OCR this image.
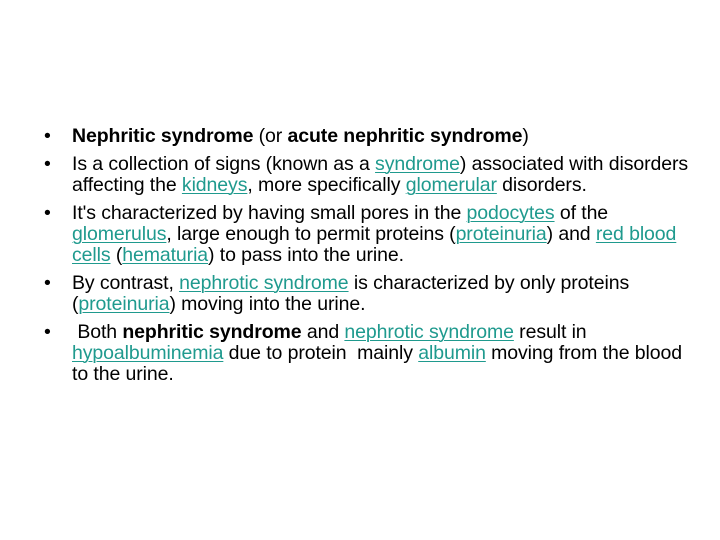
• Nephritic syndrome (or acute nephritic syndrome)
• Is a collection of signs (known as a syndrome) associated with disorders affecting the kidneys, more specifically glomerular disorders.
• It's characterized by having small pores in the podocytes of the glomerulus, large enough to permit proteins (proteinuria) and red blood cells (hematuria) to pass into the urine.
• By contrast, nephrotic syndrome is characterized by only proteins (proteinuria) moving into the urine.
• Both nephritic syndrome and nephrotic syndrome result in hypoalbuminemia due to protein  mainly albumin moving from the blood to the urine.
